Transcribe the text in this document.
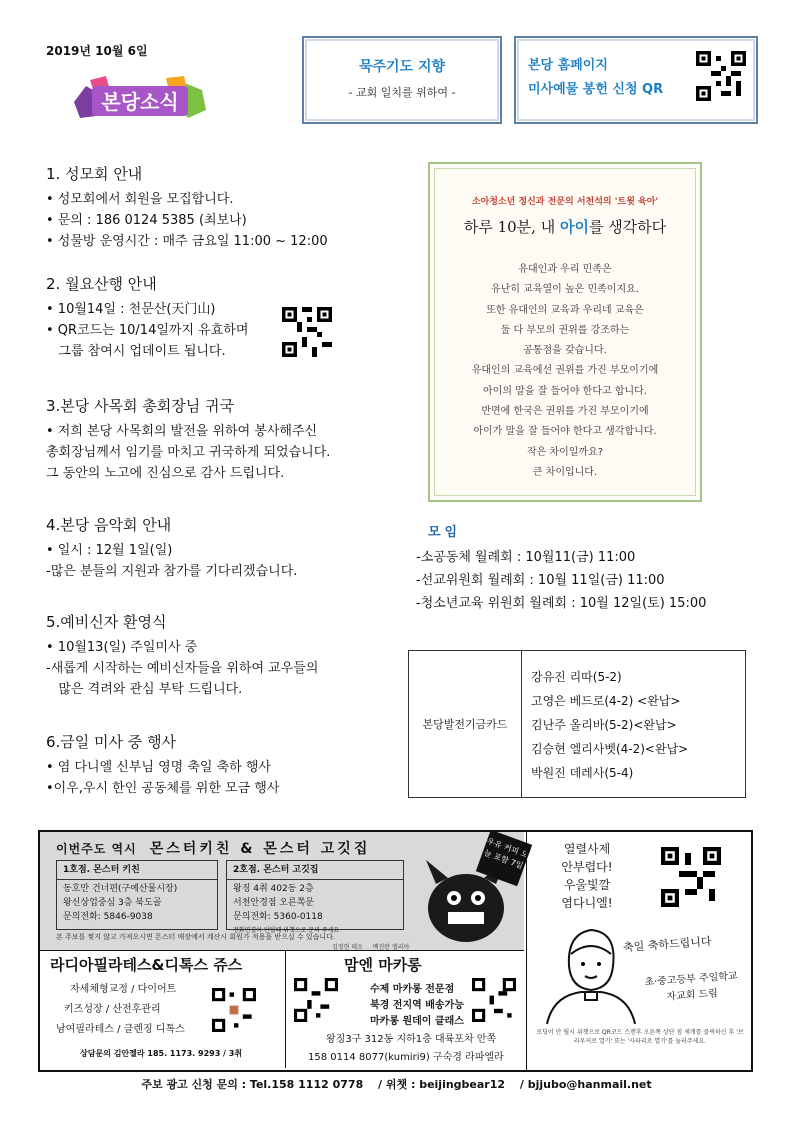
2019년 10월 6일
본당소식
묵주기도 지향
- 교회 일치를 위하여 -
본당 홈페이지
미사예물 봉헌 신청 QR
1. 성모회 안내

• 성모회에서 회원을 모집합니다.

• 문의 : 186 0124 5385 (최보나)

• 성물방 운영시간 : 매주 금요일 11:00 ~ 12:00

2. 월요산행 안내

• 10월14일 : 천문산(天门山)

• QR코드는 10/14일까지 유효하며

그룹 참여시 업데이트 됩니다.

3.본당 사목회 총회장님 귀국

• 저희 본당 사목회의 발전을 위하여 봉사해주신

총회장님께서 임기를 마치고 귀국하게 되었습니다.

그 동안의 노고에 진심으로 감사 드립니다.

4.본당 음악회 안내

• 일시 : 12월 1일(일)

-많은 분들의 지원과 참가를 기다리겠습니다.

5.예비신자 환영식

• 10월13(일) 주일미사 중

-새롭게 시작하는 예비신자들을 위하여 교우들의

많은 격려와 관심 부탁 드립니다.

6.금일 미사 중 행사

• 염 다니엘 신부님 영명 축일 축하 행사

•이우,우시 한인 공동체를 위한 모금 행사

소아청소년 정신과 전문의 서천석의 '트윗 육아'
하루 10분, 내 아이를 생각하다
유대인과 우리 민족은
유난히 교육열이 높은 민족이지요.
또한 유대인의 교육과 우리네 교육은
둘 다 부모의 권위를 강조하는
공통점을 갖습니다.
유대인의 교육에선 권위를 가진 부모이기에
아이의 말을 잘 들어야 한다고 합니다.
반면에 한국은 권위를 가진 부모이기에
아이가 말을 잘 들어야 한다고 생각합니다.
작은 차이일까요?
큰 차이입니다.
모임
-소공동체 월례회 : 10월11(금) 11:00
-선교위원회 월례회 : 10월 11일(금) 11:00
-청소년교육 위원회 월례회 : 10월 12일(토) 15:00
본당발전기금카드
강유진 리따(5-2)
고영은 베드로(4-2) <완납>
김난주 올리바(5-2)<완납>
김승현 엘리사벳(4-2)<완납>
박원진 데레사(5-4)
이번주도 역시　 몬스터키친 & 몬스터 고깃집
1호점. 몬스터 키친
동호만 건너편(구예산물시장)
왕신상업중심 3층 북도골
문의전화: 5846-9038
2호점. 몬스터 고깃집
왕징 4취 402동 2층
서천안경점 오른쪽문
문의전화: 5360-0118
전화연결이 안될때 위챗으로 문의 주세요
우유 커피 오늘 포함 7일
본 주보를 찢지 않고 가져오시면 몬스터 매장에서 계산시 회원가 적용을 받으실 수 있습니다.
김정현 데오 　 백진란 엘리아
라디아필라테스&디톡스 쥬스
자세체형교정 / 다이어트
키즈성장 / 산전후관리
남여필라테스 / 클렌징 디톡스
상담문의 김안젤라 185. 1173. 9293 / 3취
맘엔 마카롱
수제 마카롱 전문점
북경 전지역 배송가능
마카롱 원데이 클래스
왕징3구 312동 지하1층 대륙포차 안쪽
158 0114 8077(kumiri9) 구숙경 라파엘라
열렬사제
안부렵다!
우울빛깔
염다니엘!
축일 축하드립니다
초·중고등부 주일학교
자교회 드림
로딩이 안 될시 위챗으로 QR코드 스캔후 오른쪽 상단 점 세개를 클릭하신 후 '브라우저로 열기' 또는 '사파리로 열기'를 눌러주세요.
주보 광고 신청 문의 : Tel.158 1112 0778 　/ 위챗 : beijingbear12 　/ bjjubo@hanmail.net
